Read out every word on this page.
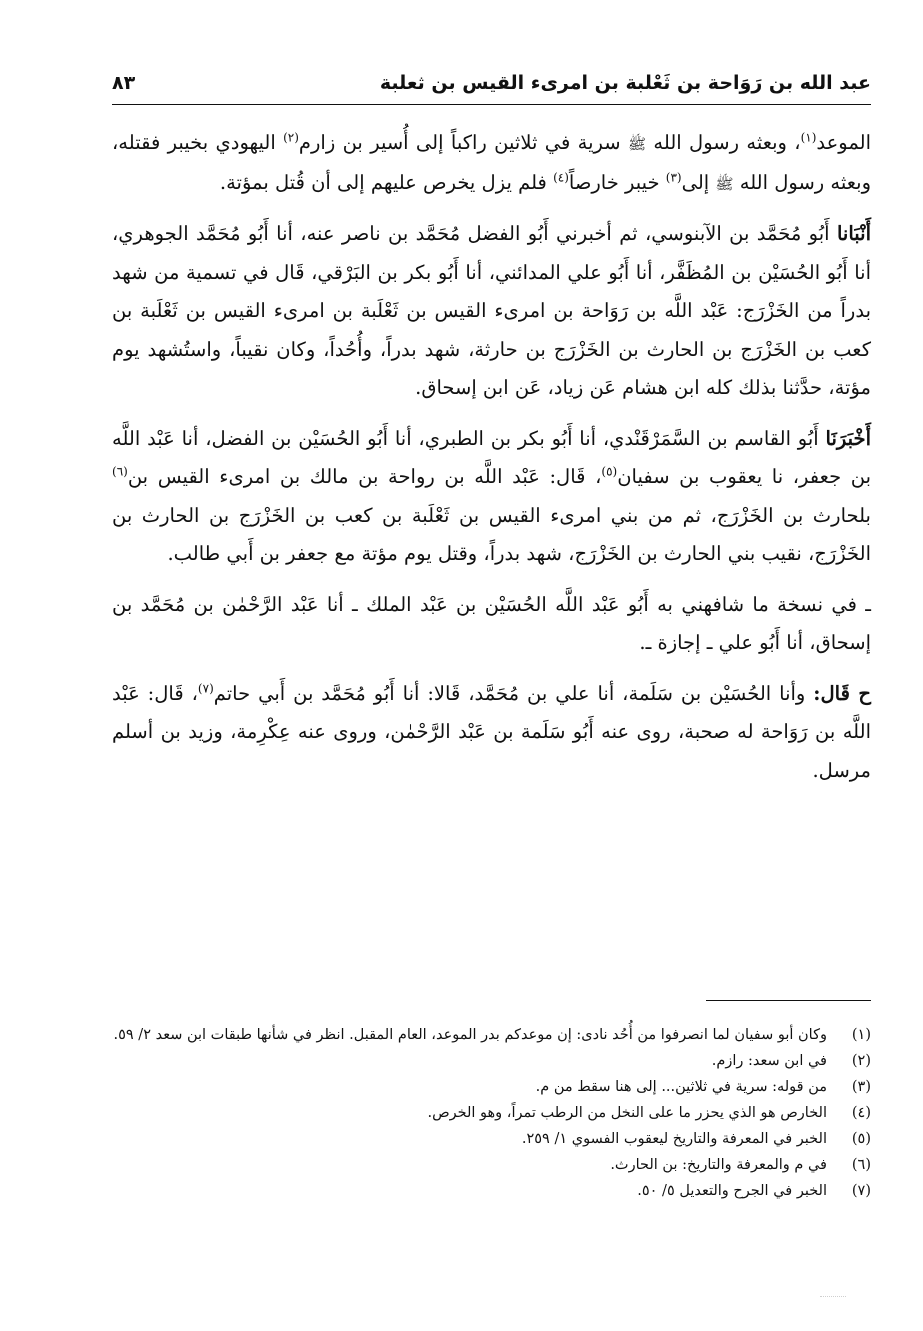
عبد الله بن رَوَاحة بن ثَعْلبة بن امرىء القيس بن ثعلبة
٨٣

الموعد$^{(١)}$، وبعثه رسول الله ﷺ سرية في ثلاثين راكباً إلى أُسير بن زارم$^{(٢)}$ اليهودي بخيبر فقتله، وبعثه رسول الله ﷺ إلى$^{(٣)}$ خيبر خارصاً$^{(٤)}$ فلم يزل يخرص عليهم إلى أن قُتل بمؤتة.

أَنْبَانا أَبُو مُحَمَّد بن الآبنوسي، ثم أخبرني أَبُو الفضل مُحَمَّد بن ناصر عنه، أنا أَبُو مُحَمَّد الجوهري، أنا أَبُو الحُسَيْن بن المُظَفَّر، أنا أَبُو علي المدائني، أنا أَبُو بكر بن البَرْقي، قَال في تسمية من شهد بدراً من الخَزْرَج: عَبْد اللَّه بن رَوَاحة بن امرىء القيس بن ثَعْلَبة بن امرىء القيس بن ثَعْلَبة بن كعب بن الخَزْرَج بن الحارث بن الخَزْرَج بن حارثة، شهد بدراً، وأُحُداً، وكان نقيباً، واستُشهد يوم مؤتة، حدَّثنا بذلك كله ابن هشام عَن زياد، عَن ابن إسحاق.

أَخْبَرَنَا أَبُو القاسم بن السَّمَرْقَنْدي، أنا أَبُو بكر بن الطبري، أنا أَبُو الحُسَيْن بن الفضل، أنا عَبْد اللَّه بن جعفر، نا يعقوب بن سفيان$^{(٥)}$، قَال: عَبْد اللَّه بن رواحة بن مالك بن امرىء القيس بن$^{(٦)}$ بلحارث بن الخَزْرَج، ثم من بني امرىء القيس بن ثَعْلَبة بن كعب بن الخَزْرَج بن الحارث بن الخَزْرَج، نقيب بني الحارث بن الخَزْرَج، شهد بدراً، وقتل يوم مؤتة مع جعفر بن أَبي طالب.

ـ في نسخة ما شافهني به أَبُو عَبْد اللَّه الحُسَيْن بن عَبْد الملك ـ أنا عَبْد الرَّحْمٰن بن مُحَمَّد بن إسحاق، أنا أَبُو علي ـ إجازة ـ.

ح قَال: وأنا الحُسَيْن بن سَلَمة، أنا علي بن مُحَمَّد، قَالا: أنا أَبُو مُحَمَّد بن أَبي حاتم$^{(٧)}$، قَال: عَبْد اللَّه بن رَوَاحة له صحبة، روى عنه أَبُو سَلَمة بن عَبْد الرَّحْمٰن، وروى عنه عِكْرِمة، وزيد بن أسلم مرسل.

(١)
وكان أبو سفيان لما انصرفوا من أُحُد نادى: إن موعدكم بدر الموعد، العام المقبل. انظر في شأنها طبقات ابن سعد ٢/ ٥٩.
(٢)
في ابن سعد: رازم.
(٣)
من قوله: سرية في ثلاثين... إلى هنا سقط من م.
(٤)
الخارص هو الذي يحزر ما على النخل من الرطب تمراً، وهو الخرص.
(٥)
الخبر في المعرفة والتاريخ ليعقوب الفسوي ١/ ٢٥٩.
(٦)
في م والمعرفة والتاريخ: بن الحارث.
(٧)
الخبر في الجرح والتعديل ٥/ ٥٠.
